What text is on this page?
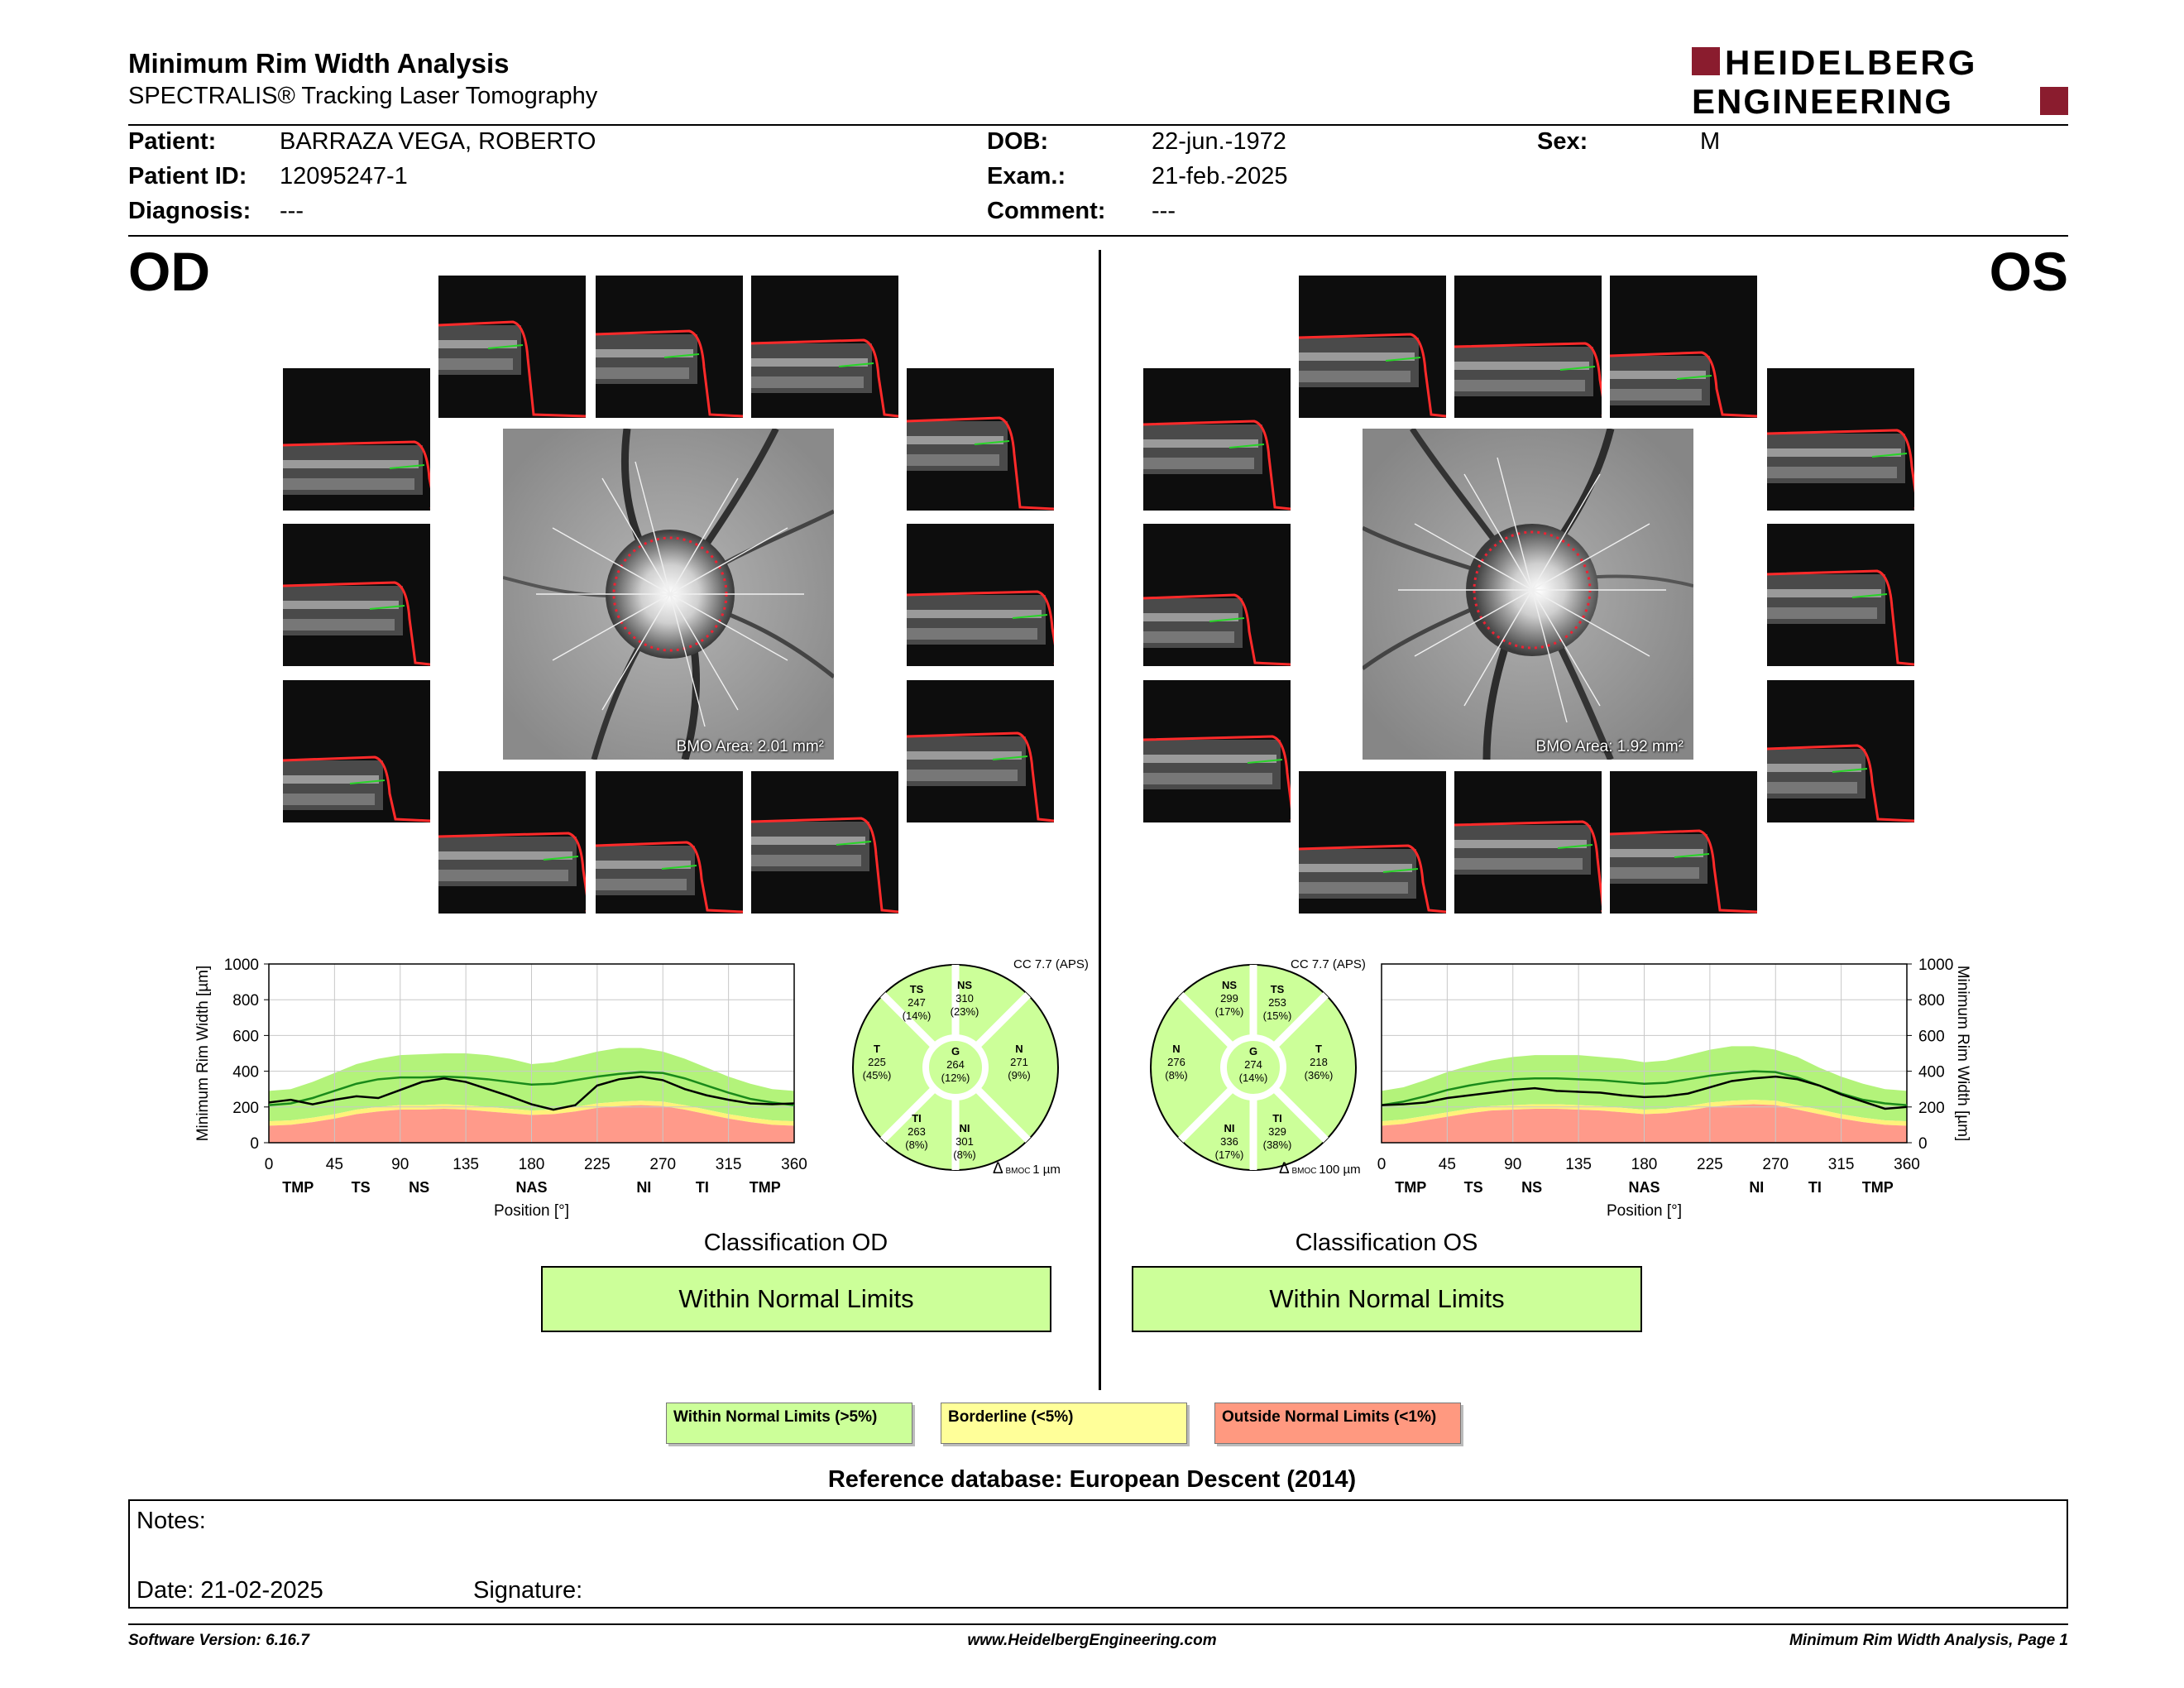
Minimum Rim Width Analysis
SPECTRALIS® Tracking Laser Tomography
HEIDELBERG
ENGINEERING
Patient:	BARRAZA VEGA, ROBERTO
Patient ID: 12095247-1
Diagnosis: ---
DOB:	22-jun.-1972
Exam.:	21-feb.-2025
Comment: ---
Sex:	M
OD	OS
BMO Area: 2.01 mm²	BMO Area: 1.92 mm²
0
200
400
600
800
1000
0	45	90	135	180	225	270	315	360
TMP	TS	NS	NAS	NI	TI	TMP
Position [°]
Minimum Rim Width [µm]
0
200
400
600
800
1000
0	45	90	135	180	225	270	315	360
TMP	TS	NS	NAS	NI	TI	TMP
Position [°]
Minimum Rim Width [µm]
TS
247
(14%)
NS
310
(23%)
T
225
(45%)
G
264
(12%)
N
271
(9%)
TI
263
(8%)
NI
301
(8%)
NS
299
(17%)
TS
253
(15%)
N
276
(8%)
G
274
(14%)
T
218
(36%)
NI
336
(17%)
TI
329
(38%)
Classification OD
Within Normal Limits
Classification OS
Within Normal Limits
Within Normal Limits (>5%)	Borderline (<5%)	Outside Normal Limits (<1%)
Reference database: European Descent (2014)
Notes:
Date: 21-02-2025	Signature:
Software Version: 6.16.7	www.HeidelbergEngineering.com	Minimum Rim Width Analysis, Page 1
CC 7.7 (APS)	CC 7.7 (APS)
Δ BMOC 1 µm	Δ BMOC 100 µm
